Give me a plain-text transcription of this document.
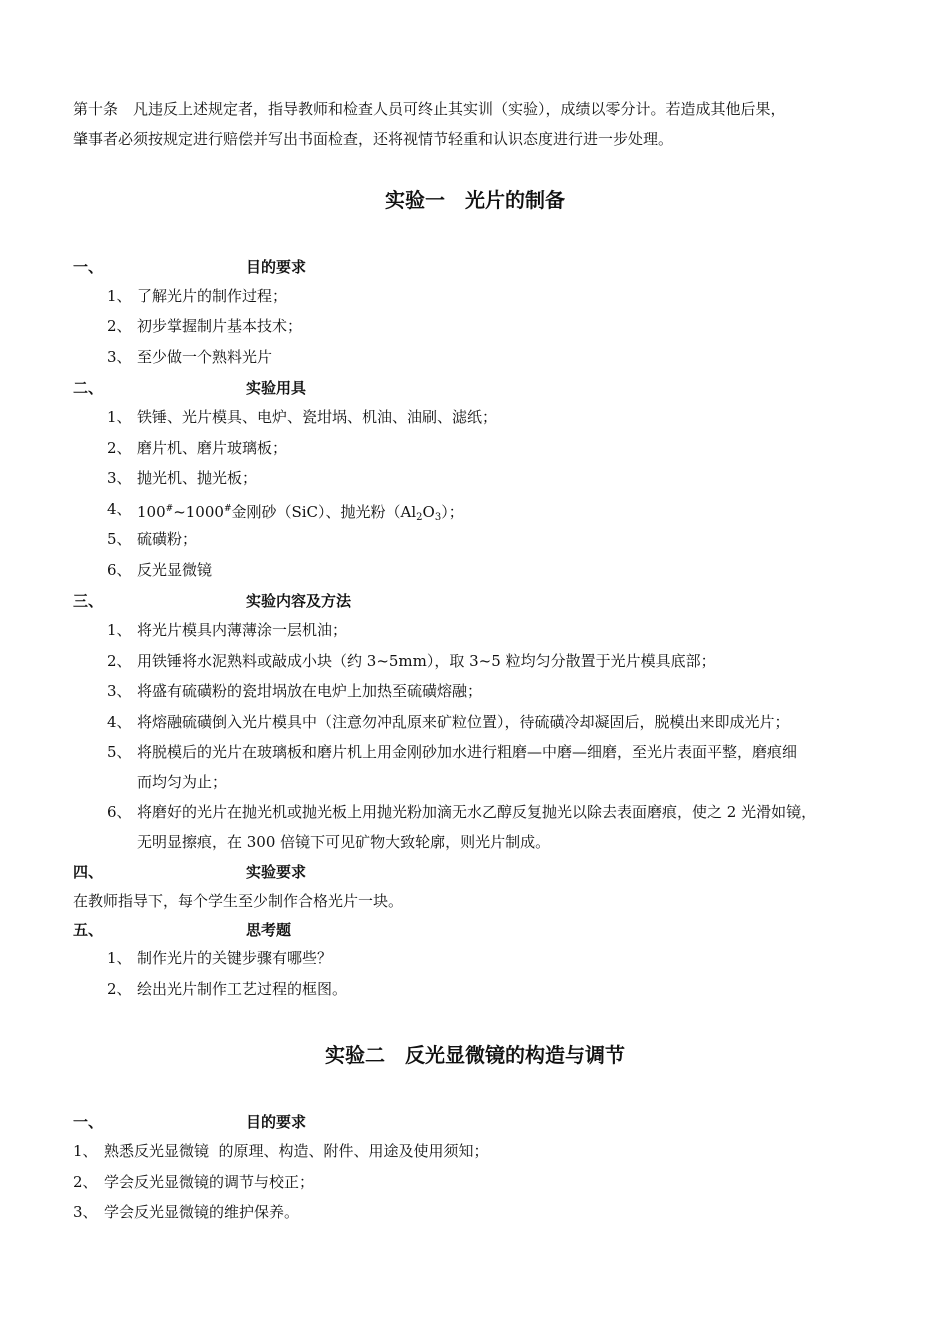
第十条　凡违反上述规定者，指导教师和检查人员可终止其实训（实验），成绩以零分计。若造成其他后果，
肇事者必须按规定进行赔偿并写出书面检查，还将视情节轻重和认识态度进行进一步处理。
实验一　光片的制备
一、	目的要求
1、 了解光片的制作过程；
2、 初步掌握制片基本技术；
3、 至少做一个熟料光片
二、	实验用具
1、 铁锤、光片模具、电炉、瓷坩埚、机油、油刷、滤纸；
2、 磨片机、磨片玻璃板；
3、 抛光机、抛光板；
4、 100#~1000#金刚砂（SiC）、抛光粉$(Al_2O_3)$；
5、 硫磺粉；
6、 反光显微镜
三、	实验内容及方法
1、 将光片模具内薄薄涂一层机油；
2、 用铁锤将水泥熟料或敲成小块（约 3~5mm），取 3~5 粒均匀分散置于光片模具底部；
3、 将盛有硫磺粉的瓷坩埚放在电炉上加热至硫磺熔融；
4、 将熔融硫磺倒入光片模具中（注意勿冲乱原来矿粒位置），待硫磺冷却凝固后，脱模出来即成光片；
5、 将脱模后的光片在玻璃板和磨片机上用金刚砂加水进行粗磨—中磨—细磨，至光片表面平整，磨痕细
而均匀为止；
6、 将磨好的光片在抛光机或抛光板上用抛光粉加滴无水乙醇反复抛光以除去表面磨痕，使之 2 光滑如镜，
无明显擦痕，在 300 倍镜下可见矿物大致轮廓，则光片制成。
四、	实验要求
在教师指导下，每个学生至少制作合格光片一块。
五、	思考题
1、 制作光片的关键步骤有哪些？
2、 绘出光片制作工艺过程的框图。
实验二　反光显微镜的构造与调节
一、	目的要求
1、 熟悉反光显微镜  的原理、构造、附件、用途及使用须知；
2、 学会反光显微镜的调节与校正；
3、 学会反光显微镜的维护保养。
